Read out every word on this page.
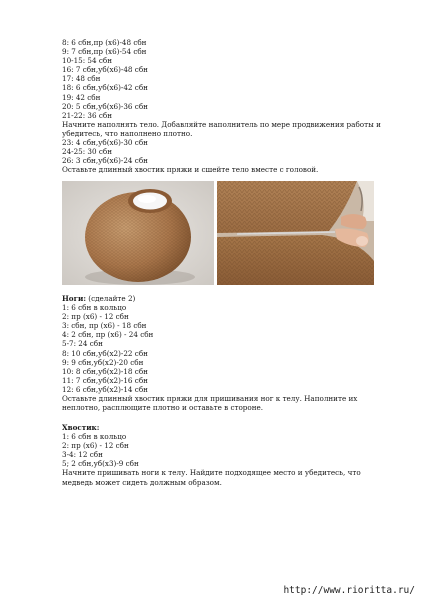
8: 6 сбн,пр (х6)-48 сбн
9: 7 сбн,пр (х6)-54 сбн
10-15: 54 сбн
16: 7 сбн,уб(х6)-48 сбн
17: 48 сбн
18: 6 сбн,уб(х6)-42 сбн
19: 42 сбн
20: 5 сбн,уб(х6)-36 сбн
21-22: 36 сбн
Начните наполнять тело. Добавляйте наполнитель по мере продвижения работы и убедитесь, что наполнено плотно.
23: 4 сбн,уб(х6)-30 сбн
24-25: 30 сбн
26: 3 сбн,уб(х6)-24 сбн
Оставьте длинный хвостик пряжи и сшейте тело вместе с головой.
Ноги: (сделайте 2)
1: 6 сбн в кольцо
2: пр (х6) - 12 сбн
3: сбн, пр (х6) - 18 сбн
4: 2 сбн, пр (х6) - 24 сбн
5-7: 24 сбн
8: 10 сбн,уб(х2)-22 сбн
9: 9 сбн,уб(х2)-20 сбн
10: 8 сбн,уб(х2)-18 сбн
11: 7 сбн,уб(х2)-16 сбн
12: 6 сбн,уб(х2)-14 сбн
Оставьте длинный хвостик пряжи для пришивания ног к телу. Наполните их неплотно, расплющите плотно и оставьте в стороне.
Хвостик:
1: 6 сбн в кольцо
2: пр (х6) - 12 сбн
3-4: 12 сбн
5; 2 сбн,уб(х3)-9 сбн
Начните пришивать ноги к телу. Найдите подходящее место и убедитесь, что медведь может сидеть должным образом.
http://www.rioritta.ru/
